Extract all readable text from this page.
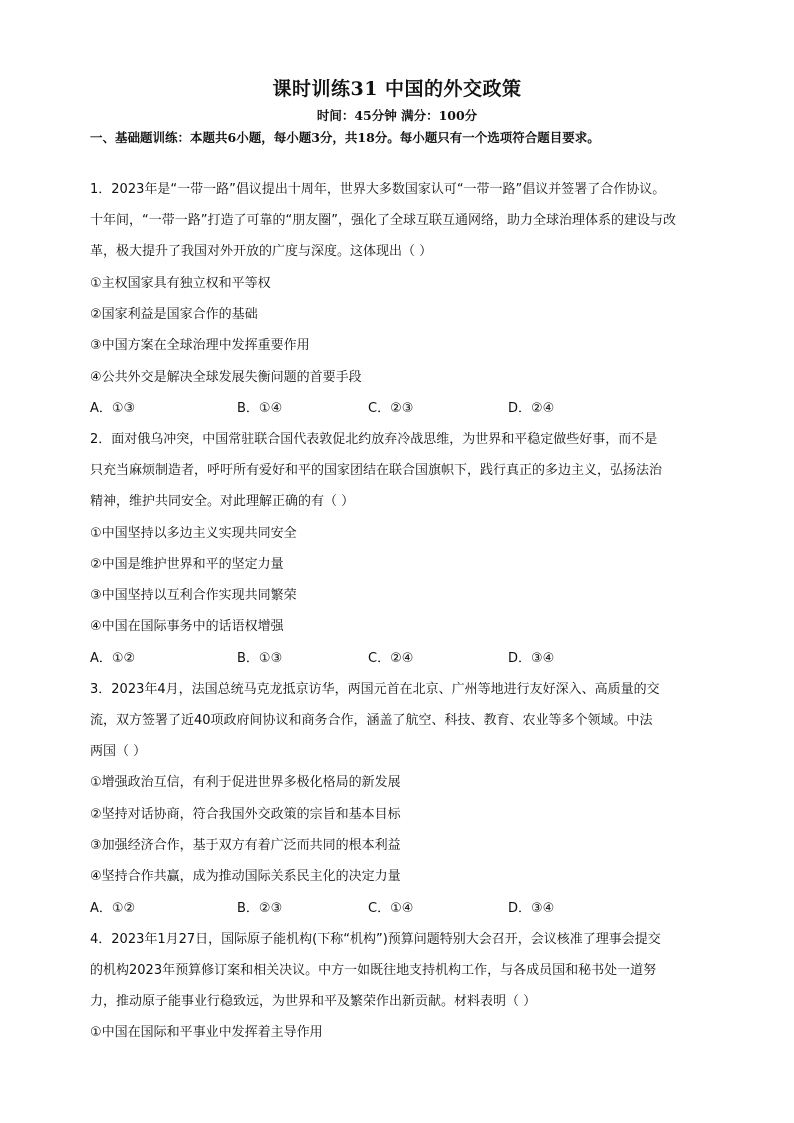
课时训练31 中国的外交政策
时间：45分钟 满分：100分
一、基础题训练：本题共6小题，每小题3分，共18分。每小题只有一个选项符合题目要求。
1．2023年是“一带一路”倡议提出十周年，世界大多数国家认可“一带一路”倡议并签署了合作协议。
十年间，“一带一路”打造了可靠的“朋友圈”，强化了全球互联互通网络，助力全球治理体系的建设与改
革，极大提升了我国对外开放的广度与深度。这体现出（ ）
①主权国家具有独立权和平等权
②国家利益是国家合作的基础
③中国方案在全球治理中发挥重要作用
④公共外交是解决全球发展失衡问题的首要手段
A．①③	B．①④	C．②③	D．②④
2．面对俄乌冲突，中国常驻联合国代表敦促北约放弃冷战思维，为世界和平稳定做些好事，而不是
只充当麻烦制造者，呼吁所有爱好和平的国家团结在联合国旗帜下，践行真正的多边主义，弘扬法治
精神，维护共同安全。对此理解正确的有（ ）
①中国坚持以多边主义实现共同安全
②中国是维护世界和平的坚定力量
③中国坚持以互利合作实现共同繁荣
④中国在国际事务中的话语权增强
A．①②	B．①③	C．②④	D．③④
3．2023年4月，法国总统马克龙抵京访华，两国元首在北京、广州等地进行友好深入、高质量的交
流，双方签署了近40项政府间协议和商务合作，涵盖了航空、科技、教育、农业等多个领域。中法
两国（ ）
①增强政治互信，有利于促进世界多极化格局的新发展
②坚持对话协商，符合我国外交政策的宗旨和基本目标
③加强经济合作，基于双方有着广泛而共同的根本利益
④坚持合作共赢，成为推动国际关系民主化的决定力量
A．①②	B．②③	C．①④	D．③④
4．2023年1月27日，国际原子能机构(下称“机构”)预算问题特别大会召开，会议核准了理事会提交
的机构2023年预算修订案和相关决议。中方一如既往地支持机构工作，与各成员国和秘书处一道努
力，推动原子能事业行稳致远，为世界和平及繁荣作出新贡献。材料表明（ ）
①中国在国际和平事业中发挥着主导作用
